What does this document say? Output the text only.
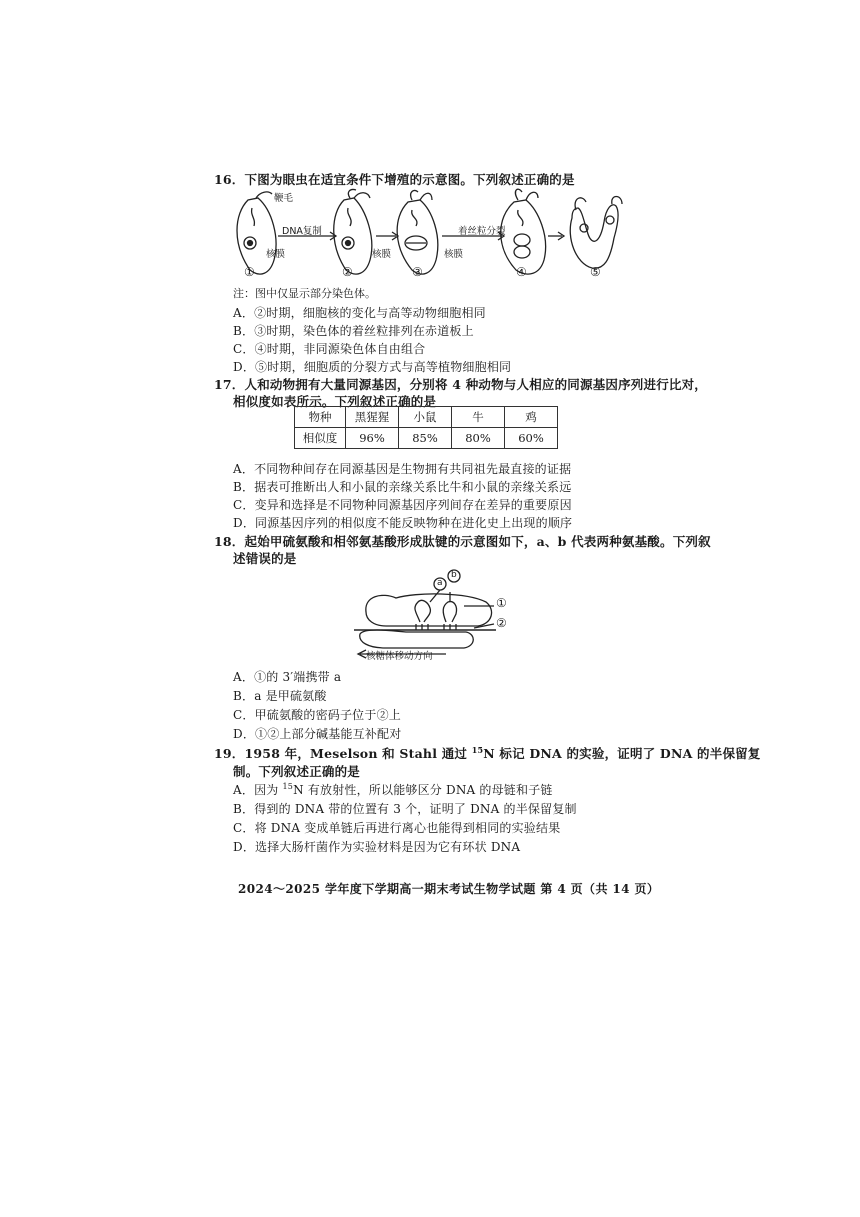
16．下图为眼虫在适宜条件下增殖的示意图。下列叙述正确的是
鞭毛
DNA复制
核膜	核膜	核膜
着丝粒分裂
①	②	③	④	⑤
注：图中仅显示部分染色体。
A．②时期，细胞核的变化与高等动物细胞相同
B．③时期，染色体的着丝粒排列在赤道板上
C．④时期，非同源染色体自由组合
D．⑤时期，细胞质的分裂方式与高等植物细胞相同
17．人和动物拥有大量同源基因，分别将 4 种动物与人相应的同源基因序列进行比对，
相似度如表所示。下列叙述正确的是
物种	黑猩猩	小鼠	牛	鸡
相似度	96%	85%	80%	60%
A．不同物种间存在同源基因是生物拥有共同祖先最直接的证据
B．据表可推断出人和小鼠的亲缘关系比牛和小鼠的亲缘关系远
C．变异和选择是不同物种同源基因序列间存在差异的重要原因
D．同源基因序列的相似度不能反映物种在进化史上出现的顺序
18．起始甲硫氨酸和相邻氨基酸形成肽键的示意图如下，a、b 代表两种氨基酸。下列叙
述错误的是
a
b
①
②
核糖体移动方向
A．①的 3′端携带 a
B．a 是甲硫氨酸
C．甲硫氨酸的密码子位于②上
D．①②上部分碱基能互补配对
19．1958 年，Meselson 和 Stahl 通过 $^{15}$N 标记 DNA 的实验，证明了 DNA 的半保留复
制。下列叙述正确的是
A．因为 $^{15}$N 有放射性，所以能够区分 DNA 的母链和子链
B．得到的 DNA 带的位置有 3 个，证明了 DNA 的半保留复制
C．将 DNA 变成单链后再进行离心也能得到相同的实验结果
D．选择大肠杆菌作为实验材料是因为它有环状 DNA
2024～2025 学年度下学期高一期末考试生物学试题 第 4 页（共 14 页）
